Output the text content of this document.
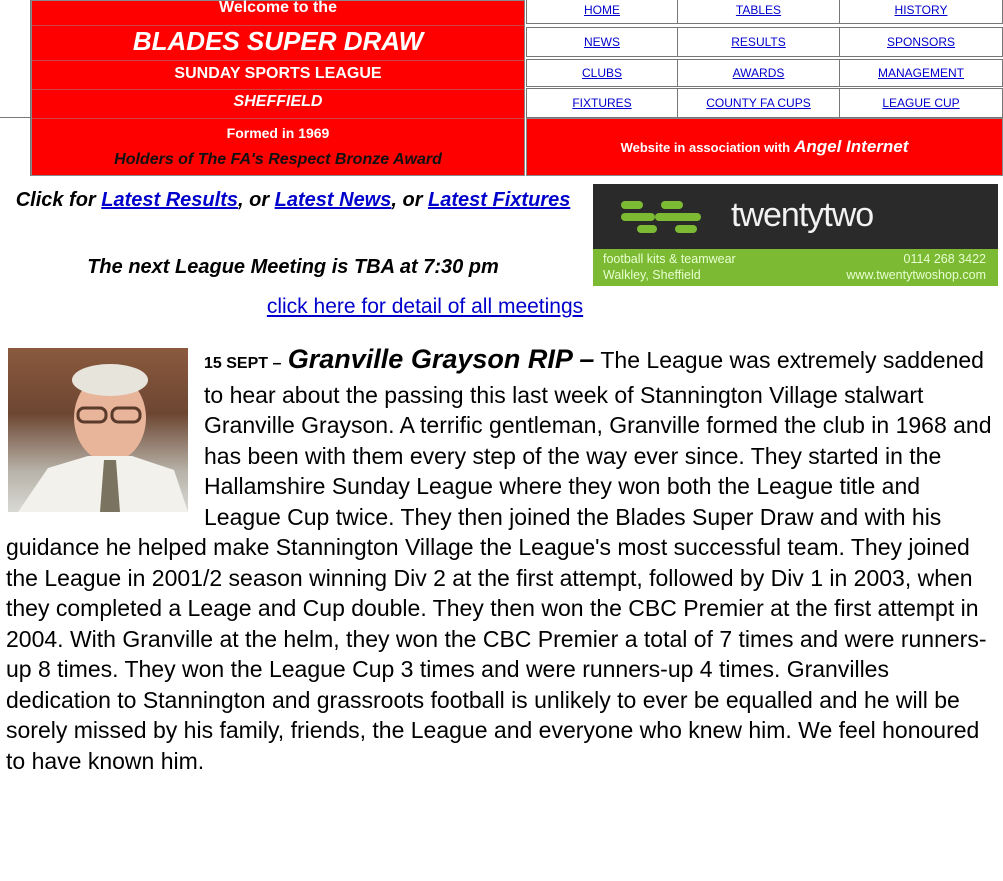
Welcome to the
BLADES SUPER DRAW
SUNDAY SPORTS LEAGUE
SHEFFIELD
Formed in 1969
Holders of The FA's Respect Bronze Award
HOME	TABLES	HISTORY
NEWS	RESULTS	SPONSORS
CLUBS	AWARDS	MANAGEMENT
FIXTURES	COUNTY FA CUPS	LEAGUE CUP
Website in association with Angel Internet
Click for Latest Results, or Latest News, or Latest Fixtures
The next League Meeting is TBA at 7:30 pm
click here for detail of all meetings
twentytwo
football kits & teamwear	0114 268 3422
Walkley, Sheffield	www.twentytwoshop.com
15 SEPT – Granville Grayson RIP – The League was extremely saddened to hear about the passing this last week of Stannington Village stalwart Granville Grayson. A terrific gentleman, Granville formed the club in 1968 and has been with them every step of the way ever since. They started in the Hallamshire Sunday League where they won both the League title and League Cup twice. They then joined the Blades Super Draw and with his guidance he helped make Stannington Village the League's most successful team. They joined the League in 2001/2 season winning Div 2 at the first attempt, followed by Div 1 in 2003, when they completed a Leage and Cup double. They then won the CBC Premier at the first attempt in 2004. With Granville at the helm, they won the CBC Premier a total of 7 times and were runners-up 8 times. They won the League Cup 3 times and were runners-up 4 times. Granvilles dedication to Stannington and grassroots football is unlikely to ever be equalled and he will be sorely missed by his family, friends, the League and everyone who knew him. We feel honoured to have known him.
